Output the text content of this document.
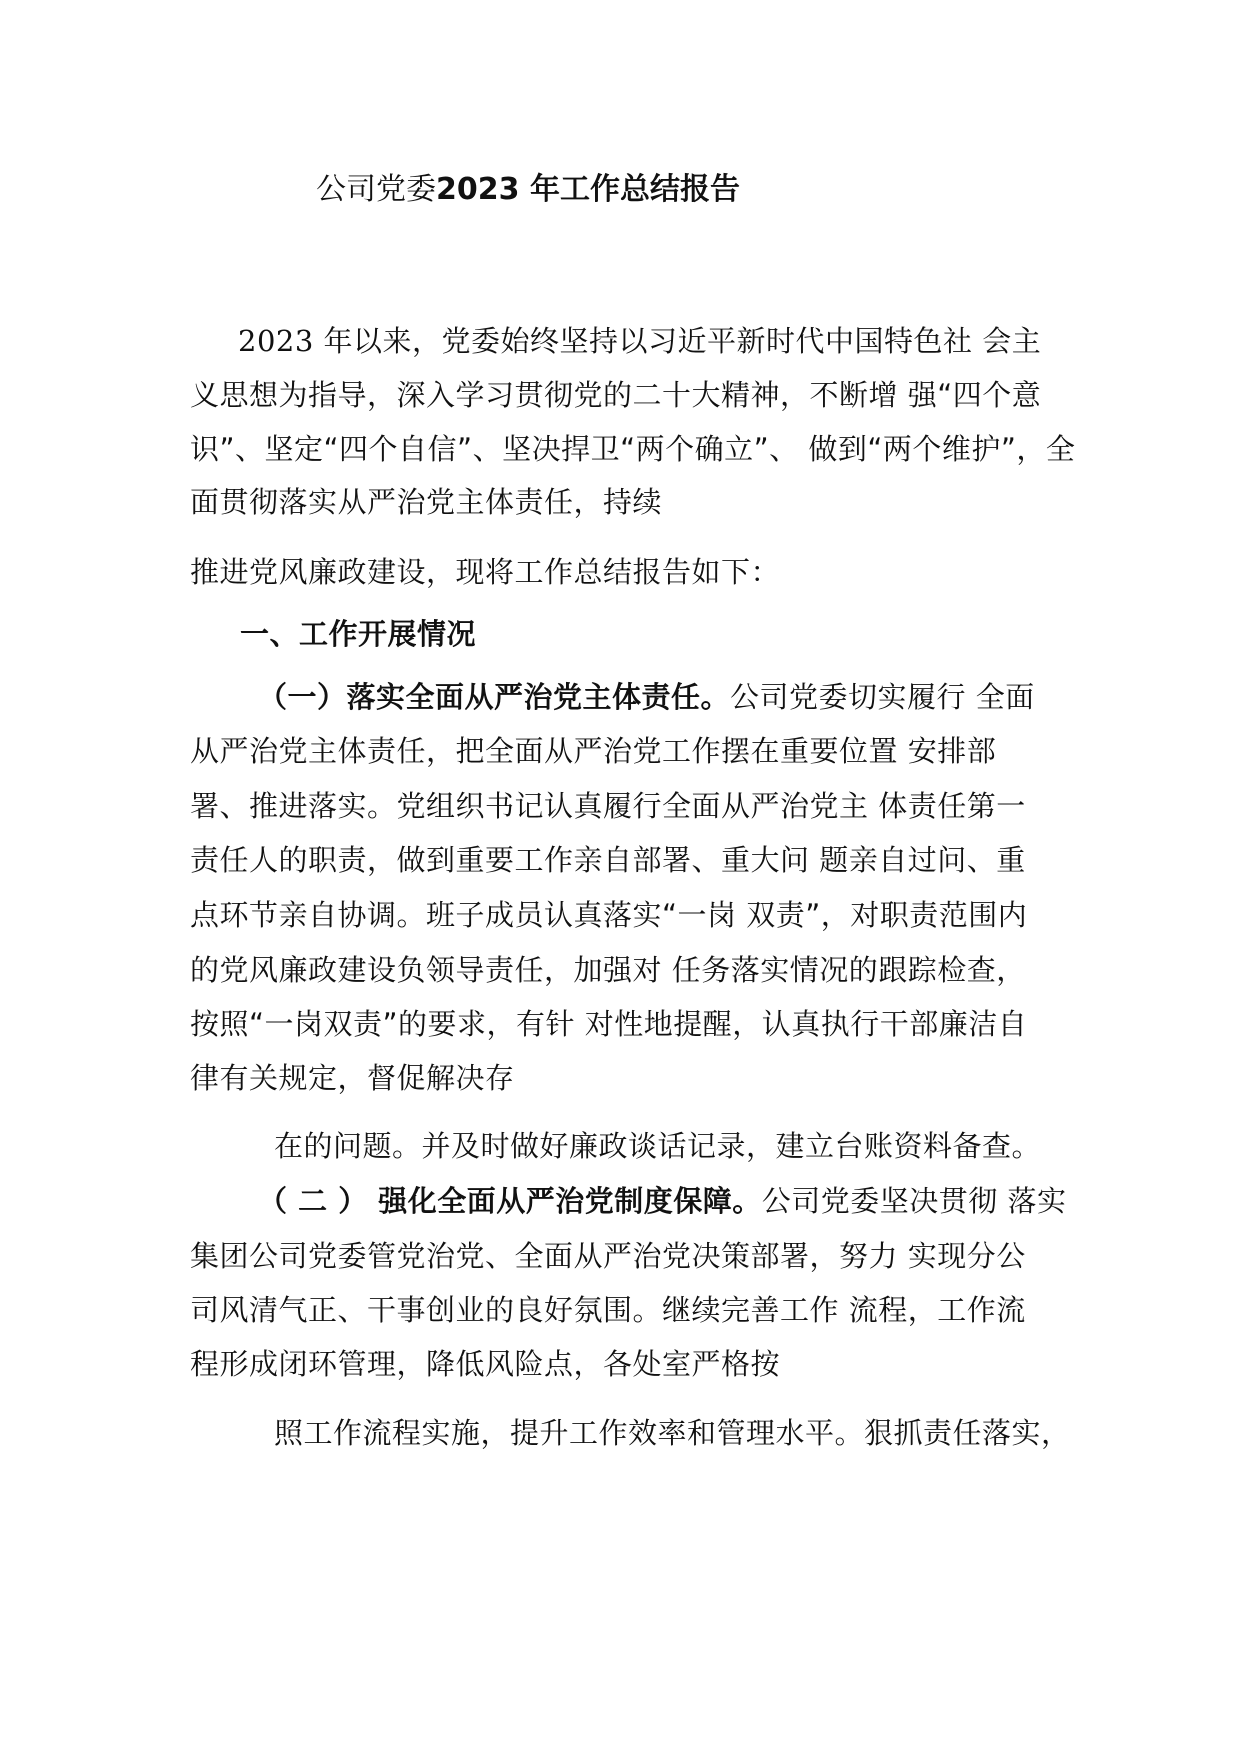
公司党委2023 年工作总结报告
2023 年以来，党委始终坚持以习近平新时代中国特色社 会主
义思想为指导，深入学习贯彻党的二十大精神，不断增 强“四个意
识”、坚定“四个自信”、坚决捍卫“两个确立”、 做到“两个维护”，全
面贯彻落实从严治党主体责任，持续
推进党风廉政建设，现将工作总结报告如下：
一、工作开展情况
（一）落实全面从严治党主体责任。公司党委切实履行 全面
从严治党主体责任，把全面从严治党工作摆在重要位置 安排部
署、推进落实。党组织书记认真履行全面从严治党主 体责任第一
责任人的职责，做到重要工作亲自部署、重大问 题亲自过问、重
点环节亲自协调。班子成员认真落实“一岗 双责”，对职责范围内
的党风廉政建设负领导责任，加强对 任务落实情况的跟踪检查，
按照“一岗双责”的要求，有针 对性地提醒，认真执行干部廉洁自
律有关规定，督促解决存
在的问题。并及时做好廉政谈话记录，建立台账资料备查。
（ 二 ） 强化全面从严治党制度保障。公司党委坚决贯彻 落实
集团公司党委管党治党、全面从严治党决策部署，努力 实现分公
司风清气正、干事创业的良好氛围。继续完善工作 流程，工作流
程形成闭环管理，降低风险点，各处室严格按
照工作流程实施，提升工作效率和管理水平。狠抓责任落实，
